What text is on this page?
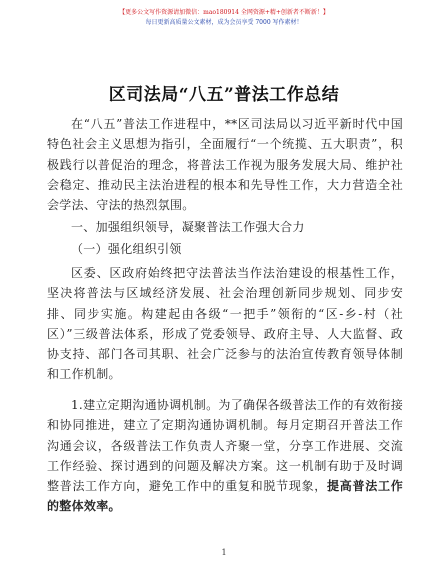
【更多公文写作资源请加微信：mao180914 全网资源+精+创新者不断新！】
每日更新高质量公文素材，成为会员享受 7000 写作素材！
区司法局“八五”普法工作总结

在“八五”普法工作进程中，**区司法局以习近平新时代中国特色社会主义思想为指引，全面履行“一个统揽、五大职责”，积极践行以普促治的理念，将普法工作视为服务发展大局、维护社会稳定、推动民主法治进程的根本和先导性工作，大力营造全社会学法、守法的热烈氛围。

一、加强组织领导，凝聚普法工作强大合力

（一）强化组织引领

区委、区政府始终把守法普法当作法治建设的根基性工作，坚决将普法与区域经济发展、社会治理创新同步规划、同步安排、同步实施。构建起由各级“一把手”领衔的“区-乡-村（社区）”三级普法体系，形成了党委领导、政府主导、人大监督、政协支持、部门各司其职、社会广泛参与的法治宣传教育领导体制和工作机制。

1.建立定期沟通协调机制。为了确保各级普法工作的有效衔接和协同推进，建立了定期沟通协调机制。每月定期召开普法工作沟通会议，各级普法工作负责人齐聚一堂，分享工作进展、交流工作经验、探讨遇到的问题及解决方案。这一机制有助于及时调整普法工作方向，避免工作中的重复和脱节现象，提高普法工作的整体效率。

1
